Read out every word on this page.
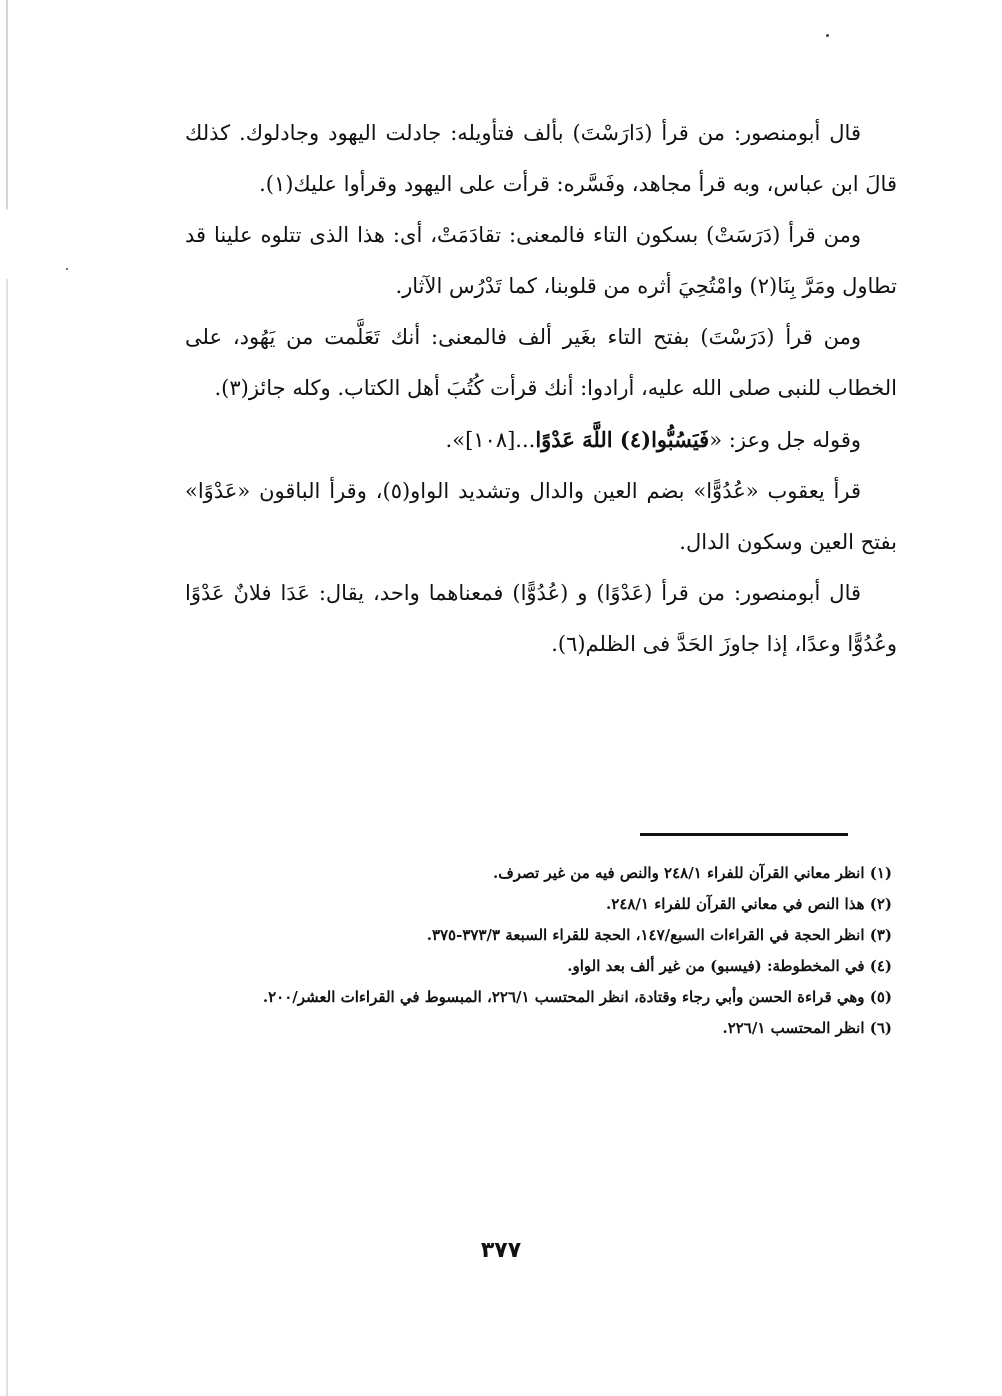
قال أبومنصور: من قرأ (دَارَسْتَ) بألف فتأويله: جادلت اليهود وجادلوك. كذلك قالَ ابن عباس، وبه قرأ مجاهد، وفَسَّره: قرأت على اليهود وقرأوا عليك(١).

ومن قرأ (دَرَسَتْ) بسكون التاء فالمعنى: تقادَمَتْ، أى: هذا الذى تتلوه علينا قد تطاول ومَرَّ بِنَا(٢) وامْتُحِيَ أثره من قلوبنا، كما تَدْرُس الآثار.

ومن قرأ (دَرَسْتَ) بفتح التاء بغَير ألف فالمعنى: أنك تَعَلَّمت من يَهُود، على الخطاب للنبى صلى الله عليه، أرادوا: أنك قرأت كُتُبَ أهل الكتاب. وكله جائز(٣).

وقوله جل وعز: «فَيَسُبُّوا(٤) اللَّهَ عَدْوًا...[١٠٨]».

قرأ يعقوب «عُدُوًّا» بضم العين والدال وتشديد الواو(٥)، وقرأ الباقون «عَدْوًا» بفتح العين وسكون الدال.

قال أبومنصور: من قرأ (عَدْوًا) و (عُدُوًّا) فمعناهما واحد، يقال: عَدَا فلانٌ عَدْوًا وعُدُوًّا وعدًا، إذا جاوزَ الحَدَّ فى الظلم(٦).

(١) انظر معاني القرآن للفراء ٢٤٨/١ والنص فيه من غير تصرف.

(٢) هذا النص في معاني القرآن للفراء ٢٤٨/١.

(٣) انظر الحجة في القراءات السبع/١٤٧، الحجة للقراء السبعة ٣٧٣/٣-٣٧٥.

(٤) في المخطوطة: (فيسبو) من غير ألف بعد الواو.

(٥) وهي قراءة الحسن وأبي رجاء وقتادة، انظر المحتسب ٢٢٦/١، المبسوط في القراءات العشر/٢٠٠.

(٦) انظر المحتسب ٢٢٦/١.

٣٧٧
